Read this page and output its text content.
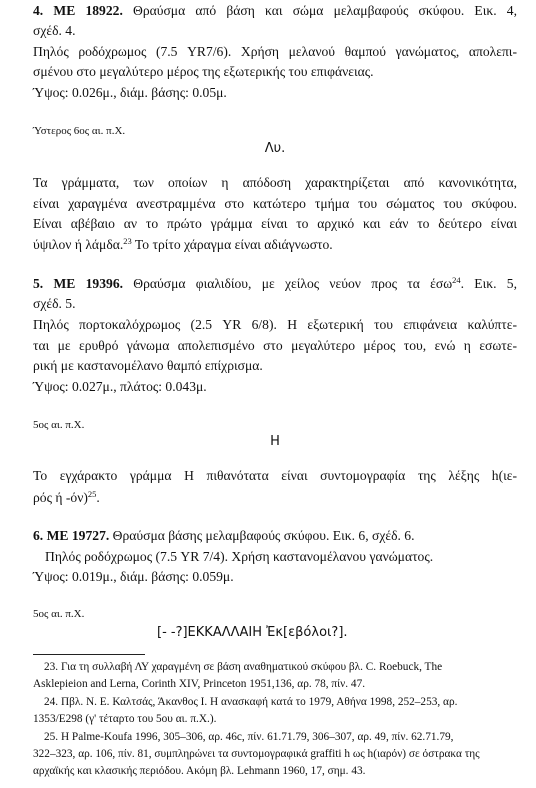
4. ΜΕ 18922. Θραύσμα από βάση και σώμα μελαμβαφούς σκύφου. Εικ. 4,
σχέδ. 4.
Πηλός ροδόχρωμος (7.5 YR7/6). Χρήση μελανού θαμπού γανώματος, απολεπι-
σμένου στο μεγαλύτερο μέρος της εξωτερικής του επιφάνειας.
Ύψος: 0.026μ., διάμ. βάσης: 0.05μ.
Ύστερος 6ος αι. π.Χ.
Λυ.
Τα γράμματα, των οποίων η απόδοση χαρακτηρίζεται από κανονικότητα,
είναι χαραγμένα ανεστραμμένα στο κατώτερο τμήμα του σώματος του σκύφου.
Είναι αβέβαιο αν το πρώτο γράμμα είναι το αρχικό και εάν το δεύτερο είναι
ύψιλον ή λάμδα.$^{23}$ Το τρίτο χάραγμα είναι αδιάγνωστο.
5. ΜΕ 19396. Θραύσμα φιαλιδίου, με χείλος νεύον προς τα έσω$^{24}$. Εικ. 5,
σχέδ. 5.
Πηλός πορτοκαλόχρωμος (2.5 YR 6/8). Η εξωτερική του επιφάνεια καλύπτε-
ται με ερυθρό γάνωμα απολεπισμένο στο μεγαλύτερο μέρος του, ενώ η εσωτε-
ρική με καστανομέλανο θαμπό επίχρισμα.
Ύψος: 0.027μ., πλάτος: 0.043μ.
5ος αι. π.Χ.
Η
Το εγχάρακτο γράμμα Η πιθανότατα είναι συντομογραφία της λέξης h(ιε-
ρός ή -όν)$^{25}$.
6. ΜΕ 19727. Θραύσμα βάσης μελαμβαφούς σκύφου. Εικ. 6, σχέδ. 6.
Πηλός ροδόχρωμος (7.5 YR 7/4). Χρήση καστανομέλανου γανώματος.
Ύψος: 0.019μ., διάμ. βάσης: 0.059μ.
5ος αι. π.Χ.
[- -?]ΕΚΚΑΛΛΑΙΗ Ἐκ[εβόλοι?].
23. Για τη συλλαβή ΛΥ χαραγμένη σε βάση αναθηματικού σκύφου βλ. C. Roebuck, The
Asklepieion and Lerna, Corinth XIV, Princeton 1951,136, αρ. 78, πίν. 47.
24. Πβλ. Ν. Ε. Καλτσάς, Άκανθος Ι. Η ανασκαφή κατά το 1979, Αθήνα 1998, 252–253, αρ.
1353/Ε298 (γ' τέταρτο του 5ου αι. π.Χ.).
25. Η Palme-Koufa 1996, 305–306, αρ. 46c, πίν. 61.71.79, 306–307, αρ. 49, πίν. 62.71.79,
322–323, αρ. 106, πίν. 81, συμπληρώνει τα συντομογραφικά graffiti h ως h(ιαρόν) σε όστρακα της
αρχαϊκής και κλασικής περιόδου. Ακόμη βλ. Lehmann 1960, 17, σημ. 43.
